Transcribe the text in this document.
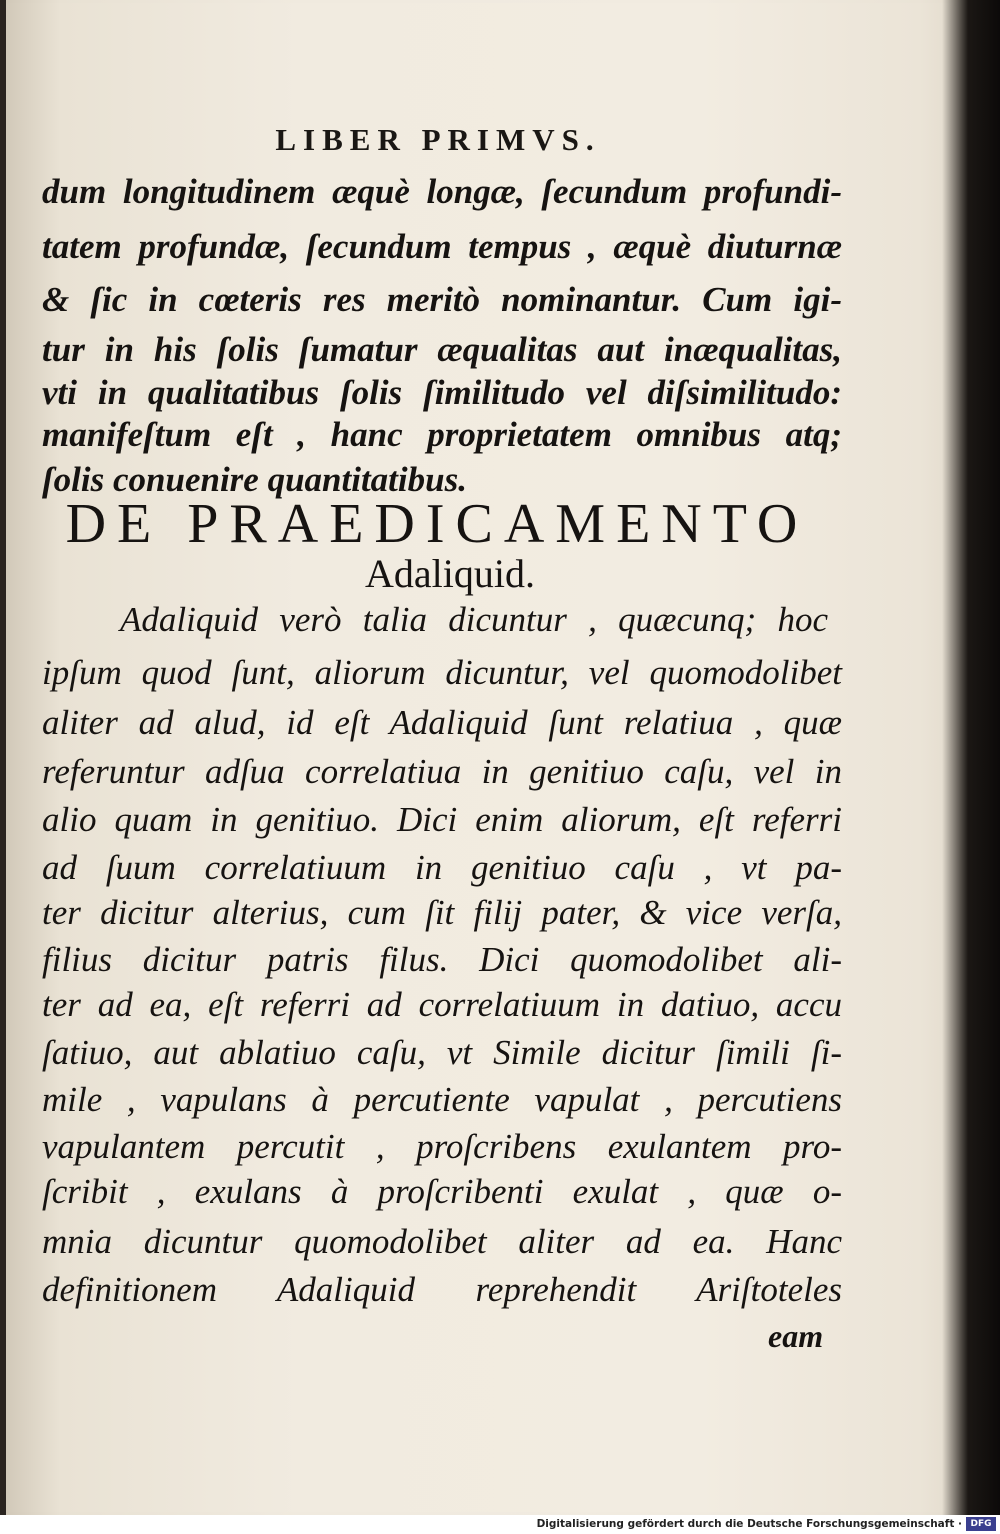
LIBER PRIMVS.
dum longitudinem æquè longæ, ſecundum profundi-
tatem profundæ, ſecundum tempus , æquè diuturnæ
& ſic in cœteris res meritò nominantur. Cum igi-
tur in his ſolis ſumatur æqualitas aut inæqualitas,
vti in qualitatibus ſolis ſimilitudo vel diſsimilitudo:
manifeſtum eſt , hanc proprietatem omnibus atq;
ſolis conuenire quantitatibus.
DE PRAEDICAMENTO
Adaliquid.
Adaliquid verò talia dicuntur , quæcunq; hoc
ipſum quod ſunt, aliorum dicuntur, vel quomodolibet
aliter ad alud, id eſt Adaliquid ſunt relatiua , quæ
referuntur adſua correlatiua in genitiuo caſu, vel in
alio quam in genitiuo. Dici enim aliorum, eſt referri
ad ſuum correlatiuum in genitiuo caſu , vt pa-
ter dicitur alterius, cum ſit filij pater, & vice verſa,
filius dicitur patris filus. Dici quomodolibet ali-
ter ad ea, eſt referri ad correlatiuum in datiuo, accu
ſatiuo, aut ablatiuo caſu, vt Simile dicitur ſimili ſi-
mile , vapulans à percutiente vapulat , percutiens
vapulantem percutit , proſcribens exulantem pro-
ſcribit , exulans à proſcribenti exulat , quæ o-
mnia dicuntur quomodolibet aliter ad ea. Hanc
definitionem Adaliquid reprehendit Ariſtoteles
eam
Digitalisierung gefördert durch die Deutsche Forschungsgemeinschaft · DFG
